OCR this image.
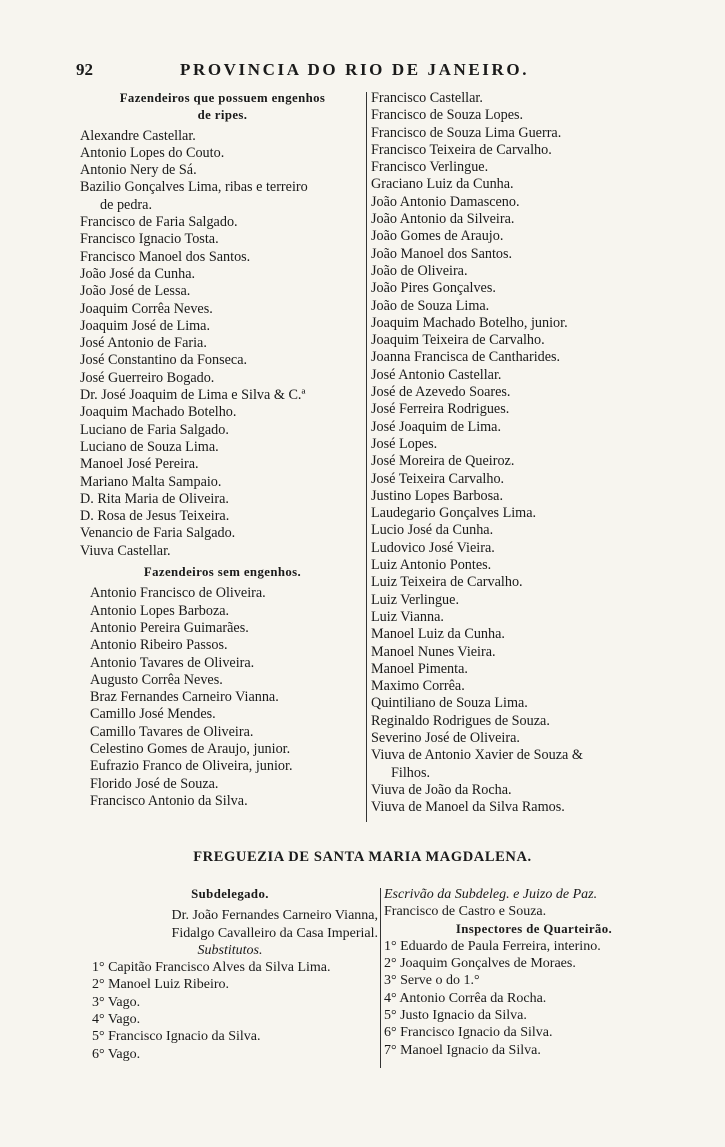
92	PROVINCIA DO RIO DE JANEIRO.
Fazendeiros que possuem engenhos
de ripes.
Alexandre Castellar.
Antonio Lopes do Couto.
Antonio Nery de Sá.
Bazilio Gonçalves Lima, ribas e terreiro
de pedra.
Francisco de Faria Salgado.
Francisco Ignacio Tosta.
Francisco Manoel dos Santos.
João José da Cunha.
João José de Lessa.
Joaquim Corrêa Neves.
Joaquim José de Lima.
José Antonio de Faria.
José Constantino da Fonseca.
José Guerreiro Bogado.
Dr. José Joaquim de Lima e Silva & C.ª
Joaquim Machado Botelho.
Luciano de Faria Salgado.
Luciano de Souza Lima.
Manoel José Pereira.
Mariano Malta Sampaio.
D. Rita Maria de Oliveira.
D. Rosa de Jesus Teixeira.
Venancio de Faria Salgado.
Viuva Castellar.
Fazendeiros sem engenhos.
Antonio Francisco de Oliveira.
Antonio Lopes Barboza.
Antonio Pereira Guimarães.
Antonio Ribeiro Passos.
Antonio Tavares de Oliveira.
Augusto Corrêa Neves.
Braz Fernandes Carneiro Vianna.
Camillo José Mendes.
Camillo Tavares de Oliveira.
Celestino Gomes de Araujo, junior.
Eufrazio Franco de Oliveira, junior.
Florido José de Souza.
Francisco Antonio da Silva.
Francisco Castellar.
Francisco de Souza Lopes.
Francisco de Souza Lima Guerra.
Francisco Teixeira de Carvalho.
Francisco Verlingue.
Graciano Luiz da Cunha.
João Antonio Damasceno.
João Antonio da Silveira.
João Gomes de Araujo.
João Manoel dos Santos.
João de Oliveira.
João Pires Gonçalves.
João de Souza Lima.
Joaquim Machado Botelho, junior.
Joaquim Teixeira de Carvalho.
Joanna Francisca de Cantharides.
José Antonio Castellar.
José de Azevedo Soares.
José Ferreira Rodrigues.
José Joaquim de Lima.
José Lopes.
José Moreira de Queiroz.
José Teixeira Carvalho.
Justino Lopes Barbosa.
Laudegario Gonçalves Lima.
Lucio José da Cunha.
Ludovico José Vieira.
Luiz Antonio Pontes.
Luiz Teixeira de Carvalho.
Luiz Verlingue.
Luiz Vianna.
Manoel Luiz da Cunha.
Manoel Nunes Vieira.
Manoel Pimenta.
Maximo Corrêa.
Quintiliano de Souza Lima.
Reginaldo Rodrigues de Souza.
Severino José de Oliveira.
Viuva de Antonio Xavier de Souza &
Filhos.
Viuva de João da Rocha.
Viuva de Manoel da Silva Ramos.
FREGUEZIA DE SANTA MARIA MAGDALENA.
Subdelegado.
Dr. João Fernandes Carneiro Vianna,
Fidalgo Cavalleiro da Casa Imperial.
Substitutos.
1° Capitão Francisco Alves da Silva Lima.
2° Manoel Luiz Ribeiro.
3° Vago.
4° Vago.
5° Francisco Ignacio da Silva.
6° Vago.
Escrivão da Subdeleg. e Juizo de Paz.
Francisco de Castro e Souza.
Inspectores de Quarteirão.
1° Eduardo de Paula Ferreira, interino.
2° Joaquim Gonçalves de Moraes.
3° Serve o do 1.°
4° Antonio Corrêa da Rocha.
5° Justo Ignacio da Silva.
6° Francisco Ignacio da Silva.
7° Manoel Ignacio da Silva.
